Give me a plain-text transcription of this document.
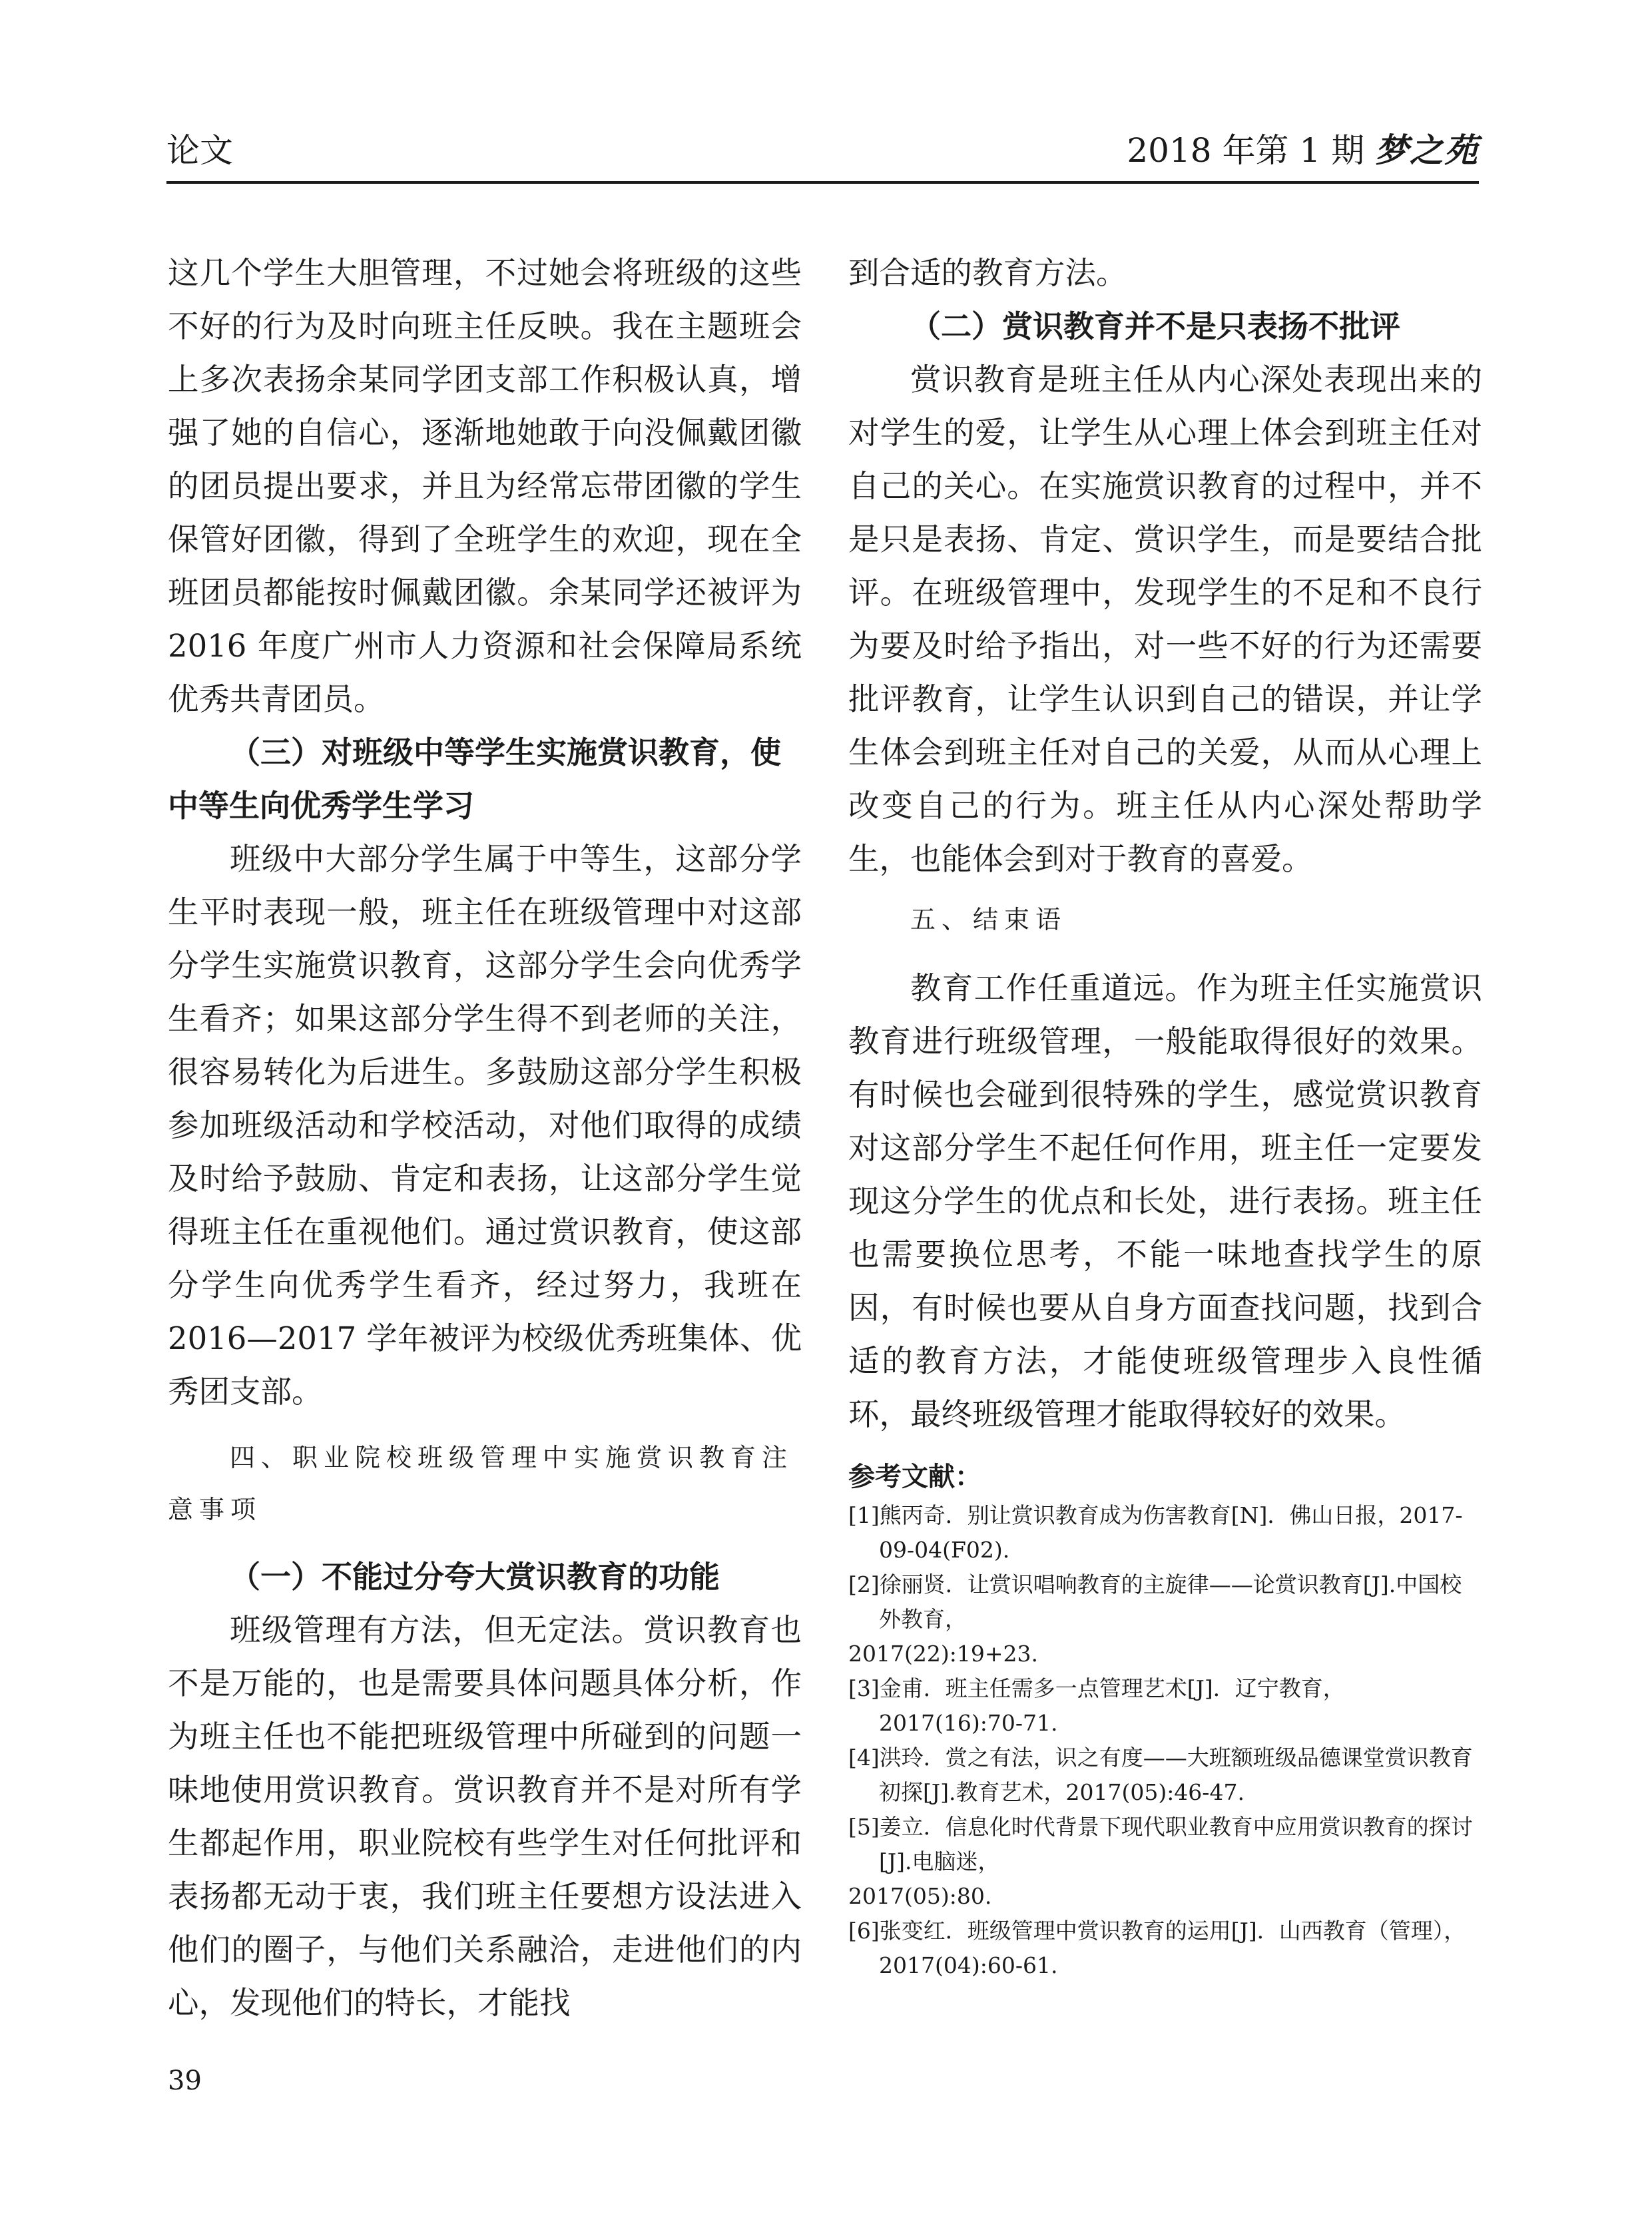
论文	2018 年第 1 期 梦之苑

这几个学生大胆管理，不过她会将班级的这些不好的行为及时向班主任反映。我在主题班会上多次表扬余某同学团支部工作积极认真，增强了她的自信心，逐渐地她敢于向没佩戴团徽的团员提出要求，并且为经常忘带团徽的学生保管好团徽，得到了全班学生的欢迎，现在全班团员都能按时佩戴团徽。余某同学还被评为 2016 年度广州市人力资源和社会保障局系统优秀共青团员。

（三）对班级中等学生实施赏识教育，使中等生向优秀学生学习

班级中大部分学生属于中等生，这部分学生平时表现一般，班主任在班级管理中对这部分学生实施赏识教育，这部分学生会向优秀学生看齐；如果这部分学生得不到老师的关注，很容易转化为后进生。多鼓励这部分学生积极参加班级活动和学校活动，对他们取得的成绩及时给予鼓励、肯定和表扬，让这部分学生觉得班主任在重视他们。通过赏识教育，使这部分学生向优秀学生看齐，经过努力，我班在 2016—2017 学年被评为校级优秀班集体、优秀团支部。

四、职业院校班级管理中实施赏识教育注意事项

（一）不能过分夸大赏识教育的功能

班级管理有方法，但无定法。赏识教育也不是万能的，也是需要具体问题具体分析，作为班主任也不能把班级管理中所碰到的问题一味地使用赏识教育。赏识教育并不是对所有学生都起作用，职业院校有些学生对任何批评和表扬都无动于衷，我们班主任要想方设法进入他们的圈子，与他们关系融洽，走进他们的内心，发现他们的特长，才能找

到合适的教育方法。

（二）赏识教育并不是只表扬不批评

赏识教育是班主任从内心深处表现出来的对学生的爱，让学生从心理上体会到班主任对自己的关心。在实施赏识教育的过程中，并不是只是表扬、肯定、赏识学生，而是要结合批评。在班级管理中，发现学生的不足和不良行为要及时给予指出，对一些不好的行为还需要批评教育，让学生认识到自己的错误，并让学生体会到班主任对自己的关爱，从而从心理上改变自己的行为。班主任从内心深处帮助学生，也能体会到对于教育的喜爱。

五、结束语

教育工作任重道远。作为班主任实施赏识教育进行班级管理，一般能取得很好的效果。有时候也会碰到很特殊的学生，感觉赏识教育对这部分学生不起任何作用，班主任一定要发现这分学生的优点和长处，进行表扬。班主任也需要换位思考，不能一味地查找学生的原因，有时候也要从自身方面查找问题，找到合适的教育方法，才能使班级管理步入良性循环，最终班级管理才能取得较好的效果。

参考文献：

[1]熊丙奇．别让赏识教育成为伤害教育[N]．佛山日报，2017-09-04(F02).

[2]徐丽贤．让赏识唱响教育的主旋律——论赏识教育[J].中国校外教育，

2017(22):19+23.

[3]金甫．班主任需多一点管理艺术[J]．辽宁教育，2017(16):70-71.

[4]洪玲．赏之有法，识之有度——大班额班级品德课堂赏识教育初探[J].教育艺术，2017(05):46-47.

[5]姜立．信息化时代背景下现代职业教育中应用赏识教育的探讨[J].电脑迷，

2017(05):80.

[6]张变红．班级管理中赏识教育的运用[J]．山西教育（管理），2017(04):60-61.

39
